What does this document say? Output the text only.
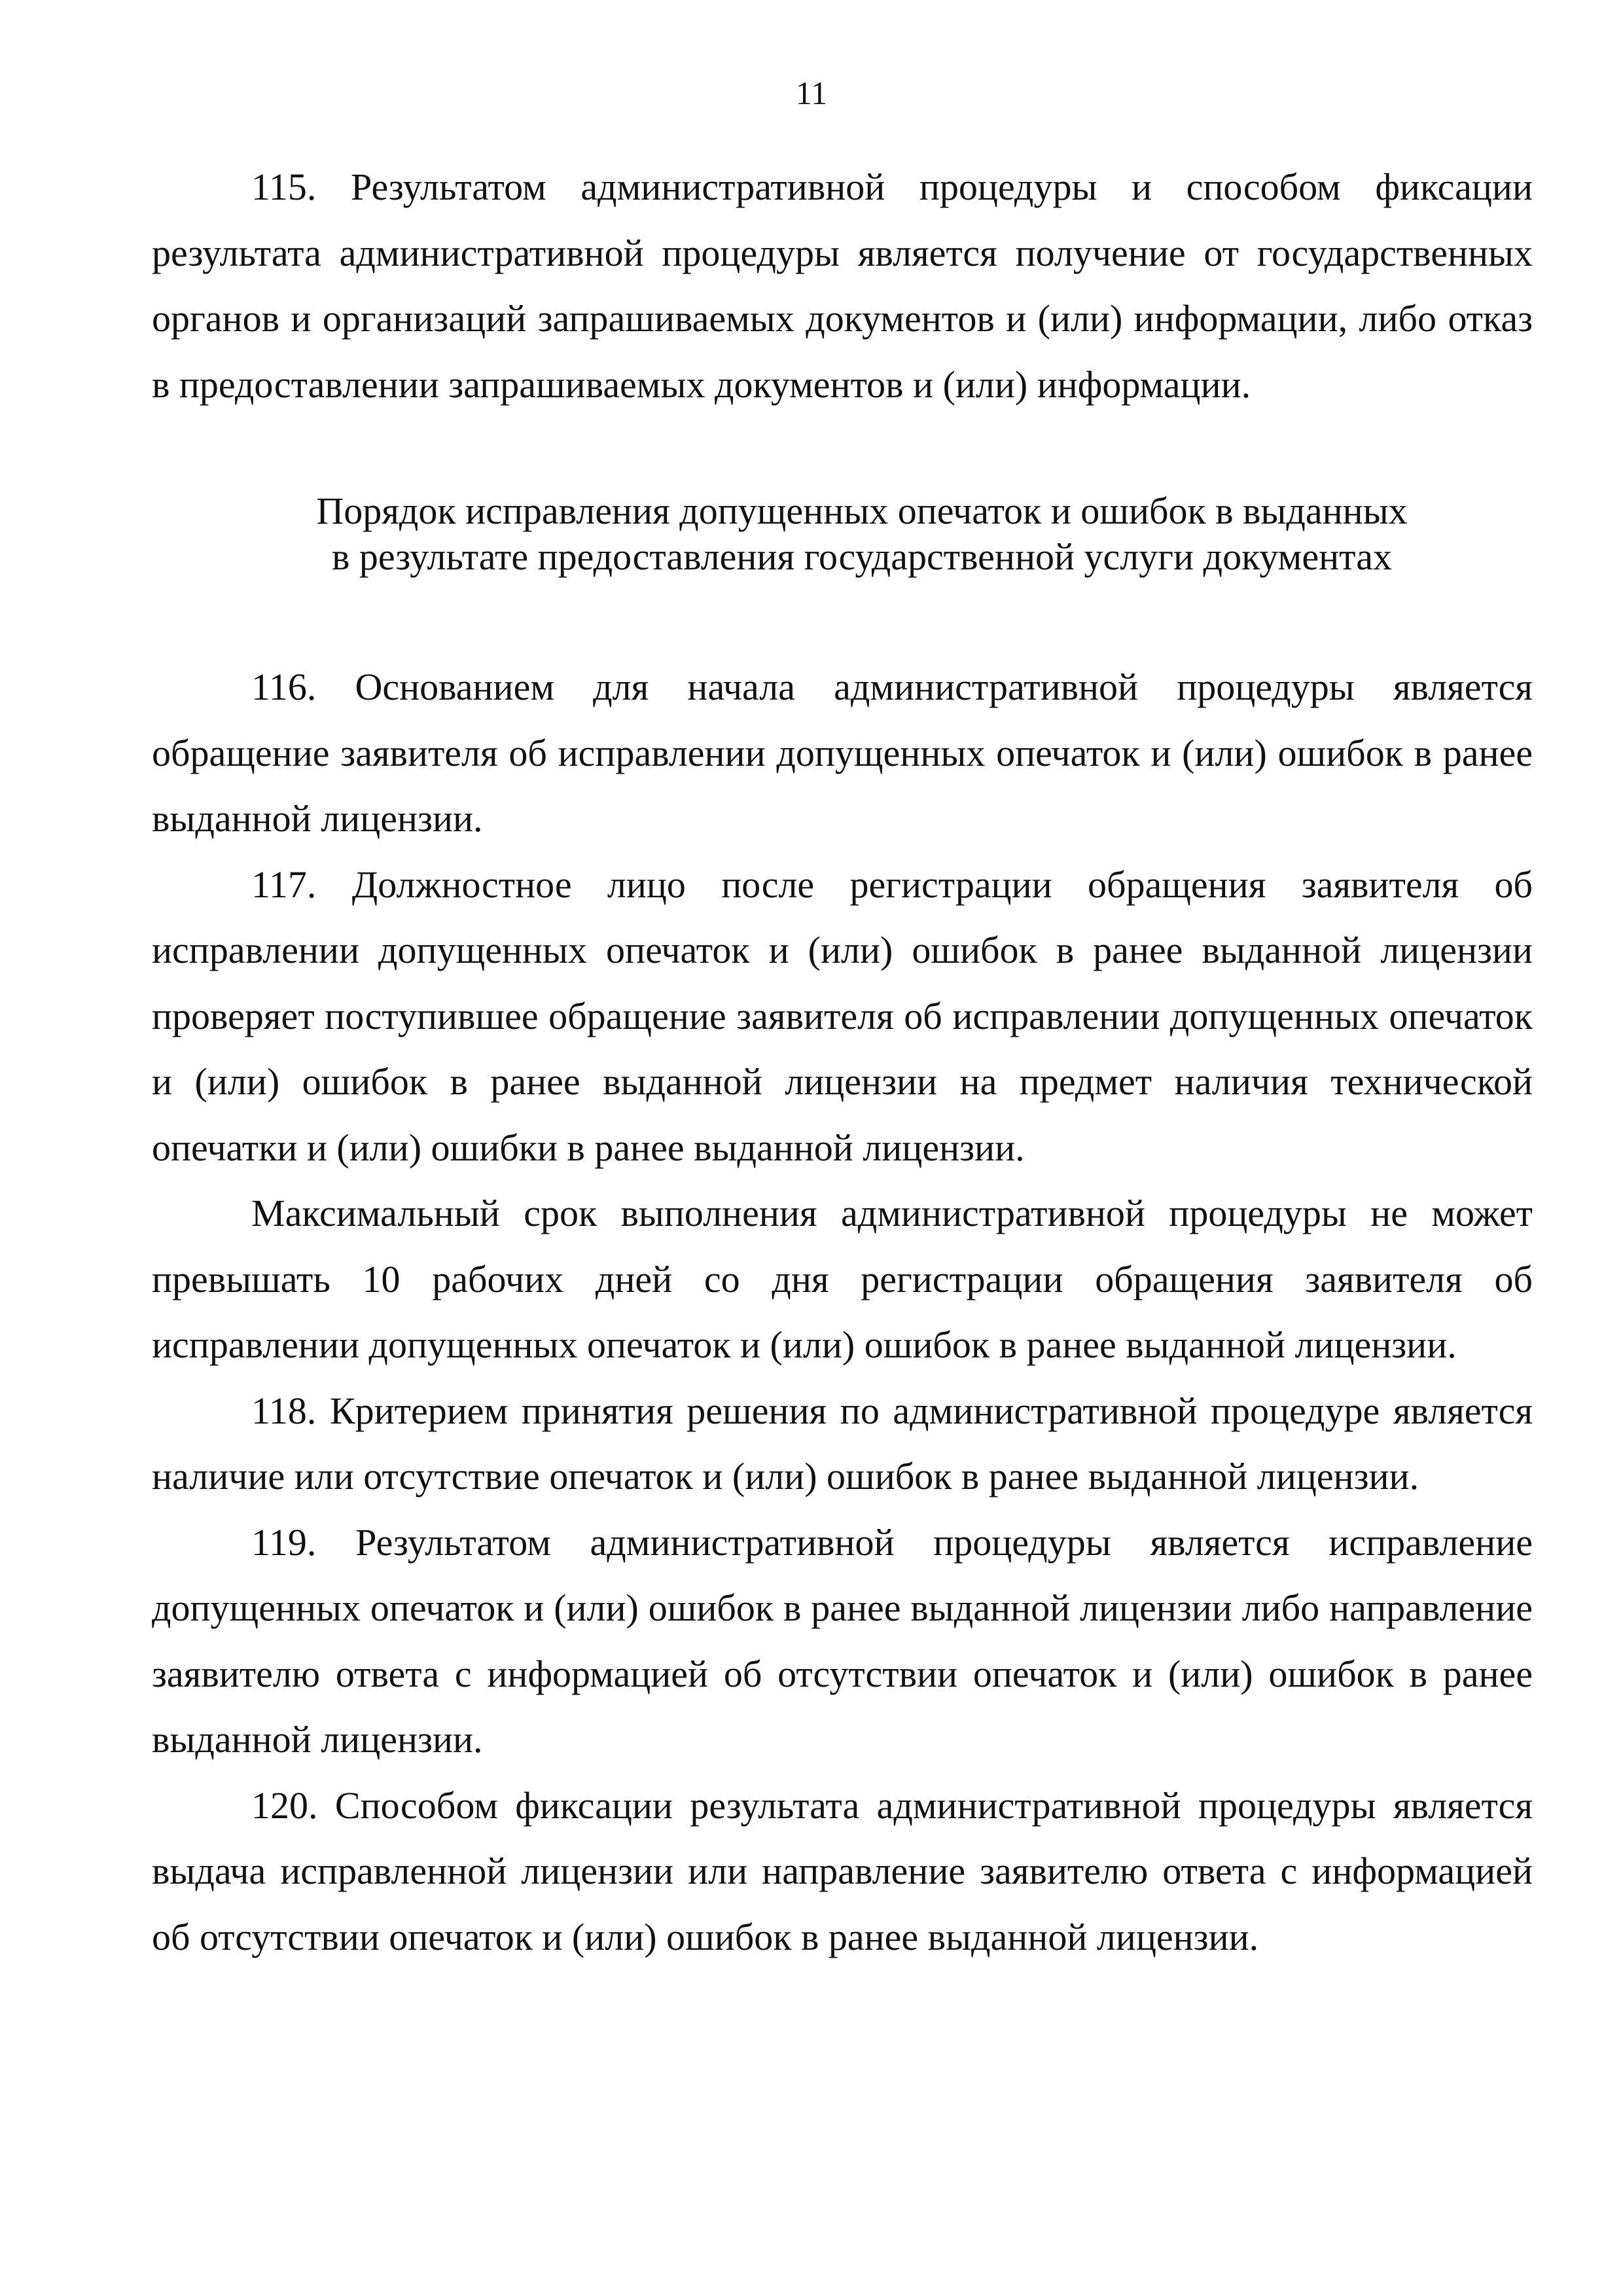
11

115. Результатом административной процедуры и способом фиксации результата административной процедуры является получение от государственных органов и организаций запрашиваемых документов и (или) информации, либо отказ в предоставлении запрашиваемых документов и (или) информации.

Порядок исправления допущенных опечаток и ошибок в выданных
в результате предоставления государственной услуги документах

116. Основанием для начала административной процедуры является обращение заявителя об исправлении допущенных опечаток и (или) ошибок в ранее выданной лицензии.

117. Должностное лицо после регистрации обращения заявителя об исправлении допущенных опечаток и (или) ошибок в ранее выданной лицензии проверяет поступившее обращение заявителя об исправлении допущенных опечаток и (или) ошибок в ранее выданной лицензии на предмет наличия технической опечатки и (или) ошибки в ранее выданной лицензии.

Максимальный срок выполнения административной процедуры не может превышать 10 рабочих дней со дня регистрации обращения заявителя об исправлении допущенных опечаток и (или) ошибок в ранее выданной лицензии.

118. Критерием принятия решения по административной процедуре является наличие или отсутствие опечаток и (или) ошибок в ранее выданной лицензии.

119. Результатом административной процедуры является исправление допущенных опечаток и (или) ошибок в ранее выданной лицензии либо направление заявителю ответа с информацией об отсутствии опечаток и (или) ошибок в ранее выданной лицензии.

120. Способом фиксации результата административной процедуры является выдача исправленной лицензии или направление заявителю ответа с информацией об отсутствии опечаток и (или) ошибок в ранее выданной лицензии.
